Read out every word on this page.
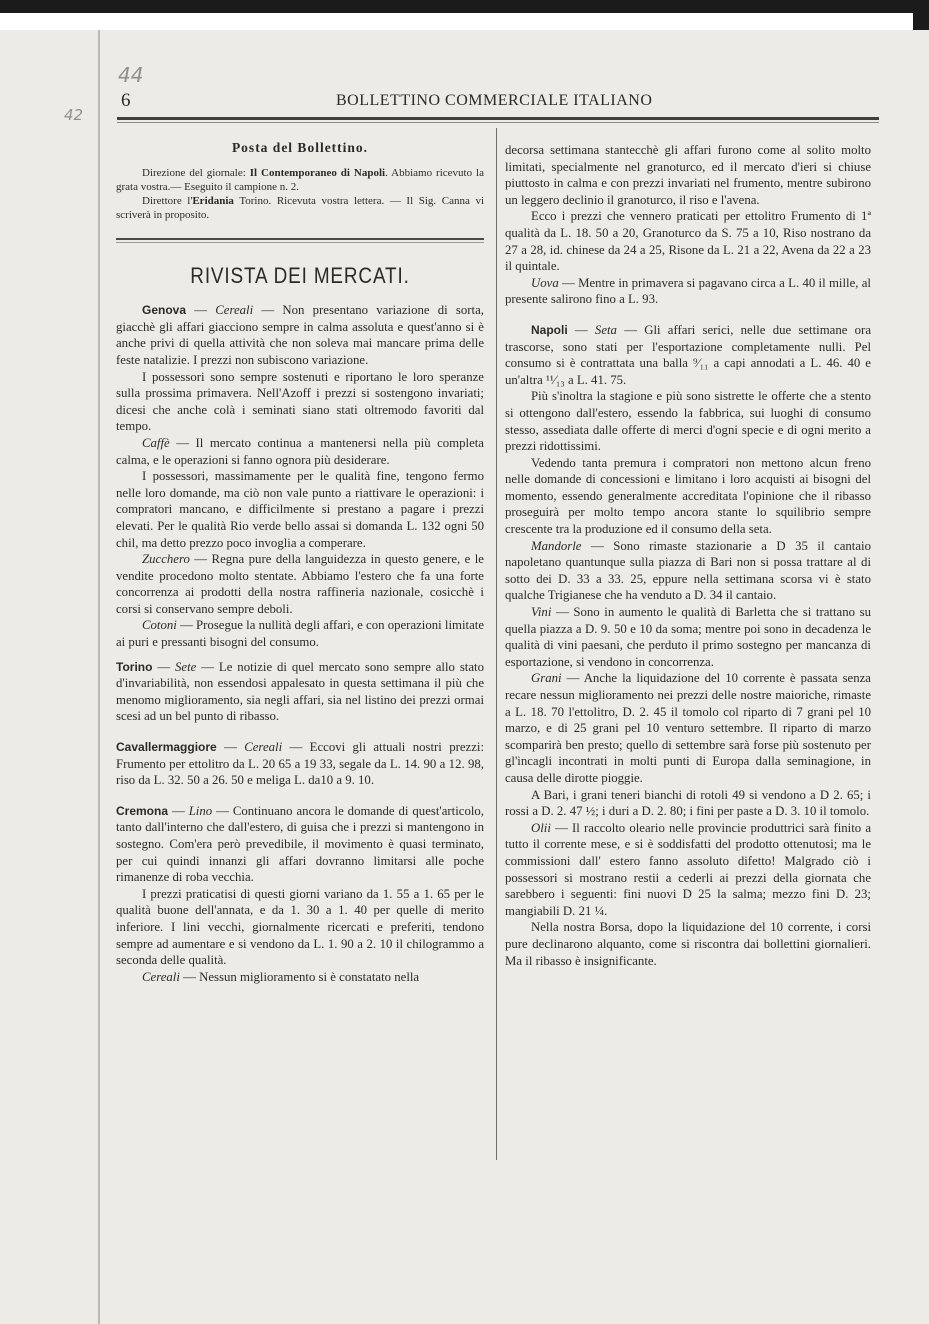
44
42
6	BOLLETTINO COMMERCIALE ITALIANO
Posta del Bollettino.

Direzione del giornale: Il Contemporaneo di Napoli. Abbiamo ricevuto la grata vostra.— Eseguito il campione n. 2.

Direttore l'Eridania Torino. Ricevuta vostra lettera. — Il Sig. Canna vi scriverà in proposito.

RIVISTA DEI MERCATI.

Genova — Cereali — Non presentano variazione di sorta, giacchè gli affari giacciono sempre in calma assoluta e quest'anno si è anche privi di quella attività che non soleva mai mancare prima delle feste natalizie. I prezzi non subiscono variazione.

I possessori sono sempre sostenuti e riportano le loro speranze sulla prossima primavera. Nell'Azoff i prezzi si sostengono invariati; dicesi che anche colà i seminati siano stati oltremodo favoriti dal tempo.

Caffè — Il mercato continua a mantenersi nella più completa calma, e le operazioni si fanno ognora più desiderare.

I possessori, massimamente per le qualità fine, tengono fermo nelle loro domande, ma ciò non vale punto a riattivare le operazioni: i compratori mancano, e difficilmente si prestano a pagare i prezzi elevati. Per le qualità Rio verde bello assai si domanda L. 132 ogni 50 chil, ma detto prezzo poco invoglia a comperare.

Zucchero — Regna pure della languidezza in questo genere, e le vendite procedono molto stentate. Abbiamo l'estero che fa una forte concorrenza ai prodotti della nostra raffineria nazionale, cosicchè i corsi si conservano sempre deboli.

Cotoni — Prosegue la nullità degli affari, e con operazioni limitate ai puri e pressanti bisogni del consumo.

Torino — Sete — Le notizie di quel mercato sono sempre allo stato d'invariabilità, non essendosi appalesato in questa settimana il più che menomo miglioramento, sia negli affari, sia nel listino dei prezzi ormai scesi ad un bel punto di ribasso.

Cavallermaggiore — Cereali — Eccovi gli attuali nostri prezzi: Frumento per ettolitro da L. 20 65 a 19 33, segale da L. 14. 90 a 12. 98, riso da L. 32. 50 a 26. 50 e meliga L. da10 a 9. 10.

Cremona — Lino — Continuano ancora le domande di quest'articolo, tanto dall'interno che dall'estero, di guisa che i prezzi si mantengono in sostegno. Com'era però prevedibile, il movimento è quasi terminato, per cui quindi innanzi gli affari dovranno limitarsi alle poche rimanenze di roba vecchia.

I prezzi praticatisi di questi giorni variano da 1. 55 a 1. 65 per le qualità buone dell'annata, e da 1. 30 a 1. 40 per quelle di merito inferiore. I lini vecchi, giornalmente ricercati e preferiti, tendono sempre ad aumentare e si vendono da L. 1. 90 a 2. 10 il chilogrammo a seconda delle qualità.

Cereali — Nessun miglioramento si è constatato nella

decorsa settimana stantecchè gli affari furono come al solito molto limitati, specialmente nel granoturco, ed il mercato d'ieri si chiuse piuttosto in calma e con prezzi invariati nel frumento, mentre subirono un leggero declinio il granoturco, il riso e l'avena.

Ecco i prezzi che vennero praticati per ettolitro Frumento di 1ª qualità da L. 18. 50 a 20, Granoturco da S. 75 a 10, Riso nostrano da 27 a 28, id. chinese da 24 a 25, Risone da L. 21 a 22, Avena da 22 a 23 il quintale.

Uova — Mentre in primavera si pagavano circa a L. 40 il mille, al presente salirono fino a L. 93.

Napoli — Seta — Gli affari serici, nelle due settimane ora trascorse, sono stati per l'esportazione completamente nulli. Pel consumo si è contrattata una balla ⁹⁄₁₁ a capi annodati a L. 46. 40 e un'altra ¹¹⁄₁₃ a L. 41. 75.

Più s'inoltra la stagione e più sono sistrette le offerte che a stento si ottengono dall'estero, essendo la fabbrica, sui luoghi di consumo stesso, assediata dalle offerte di merci d'ogni specie e di ogni merito a prezzi ridottissimi.

Vedendo tanta premura i compratori non mettono alcun freno nelle domande di concessioni e limitano i loro acquisti ai bisogni del momento, essendo generalmente accreditata l'opinione che il ribasso proseguirà per molto tempo ancora stante lo squilibrio sempre crescente tra la produzione ed il consumo della seta.

Mandorle — Sono rimaste stazionarie a D 35 il cantaio napoletano quantunque sulla piazza di Bari non si possa trattare al di sotto dei D. 33 a 33. 25, eppure nella settimana scorsa vi è stato qualche Trigianese che ha venduto a D. 34 il cantaio.

Vini — Sono in aumento le qualità di Barletta che si trattano su quella piazza a D. 9. 50 e 10 da soma; mentre poi sono in decadenza le qualità di vini paesani, che perduto il primo sostegno per mancanza di esportazione, si vendono in concorrenza.

Grani — Anche la liquidazione del 10 corrente è passata senza recare nessun miglioramento nei prezzi delle nostre maioriche, rimaste a L. 18. 70 l'ettolitro, D. 2. 45 il tomolo col riparto di 7 grani pel 10 marzo, e di 25 grani pel 10 venturo settembre. Il riparto di marzo scomparirà ben presto; quello di settembre sarà forse più sostenuto per gl'incagli incontrati in molti punti di Europa dalla seminagione, in causa delle dirotte pioggie.

A Bari, i grani teneri bianchi di rotoli 49 si vendono a D 2. 65; i rossi a D. 2. 47 ½; i duri a D. 2. 80; i fini per paste a D. 3. 10 il tomolo.

Olii — Il raccolto oleario nelle provincie produttrici sarà finito a tutto il corrente mese, e si è soddisfatti del prodotto ottenutosi; ma le commissioni dall' estero fanno assoluto difetto! Malgrado ciò i possessori si mostrano restii a cederli ai prezzi della giornata che sarebbero i seguenti: fini nuovi D 25 la salma; mezzo fini D. 23; mangiabili D. 21 ¼.

Nella nostra Borsa, dopo la liquidazione del 10 corrente, i corsi pure declinarono alquanto, come si riscontra dai bollettini giornalieri. Ma il ribasso è insignificante.
